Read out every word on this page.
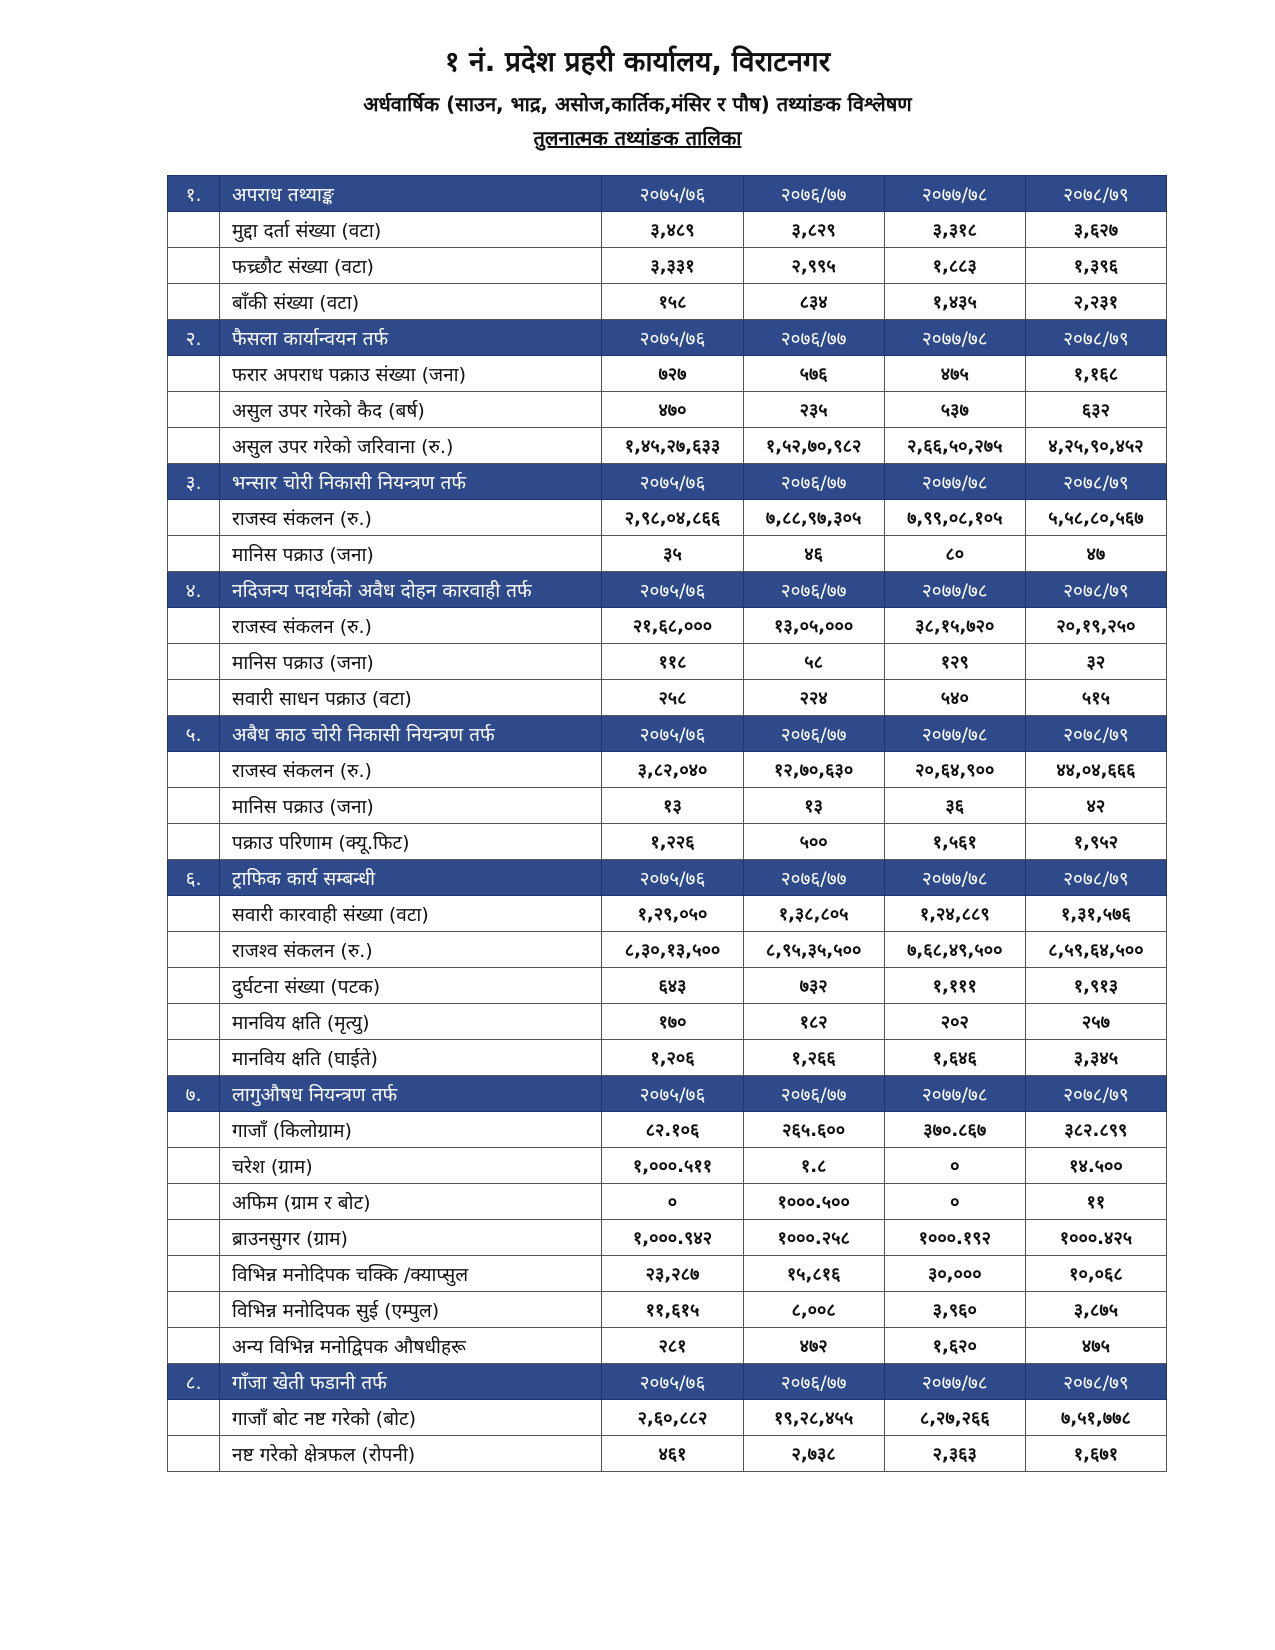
१ नं. प्रदेश प्रहरी कार्यालय, विराटनगर
अर्धवार्षिक (साउन, भाद्र, असोज,कार्तिक,मंसिर र पौष) तथ्यांङक विश्लेषण
तुलनात्मक तथ्यांङक तालिका
१.	अपराध तथ्याङ्क	२०७५/७६	२०७६/७७	२०७७/७८	२०७८/७९
	मुद्दा दर्ता संख्या (वटा)	३,४८९	३,८२९	३,३१८	३,६२७
	फच्र्छौट संख्या (वटा)	३,३३१	२,९९५	१,८८३	१,३९६
	बाँकी संख्या (वटा)	१५८	८३४	१,४३५	२,२३१
२.	फैसला कार्यान्वयन तर्फ	२०७५/७६	२०७६/७७	२०७७/७८	२०७८/७९
	फरार अपराध पक्राउ संख्या (जना)	७२७	५७६	४७५	१,१६८
	असुल उपर गरेको कैद (बर्ष)	४७०	२३५	५३७	६३२
	असुल उपर गरेको जरिवाना (रु.)	१,४५,२७,६३३	१,५२,७०,९८२	२,६६,५०,२७५	४,२५,९०,४५२
३.	भन्सार चोरी निकासी नियन्त्रण तर्फ	२०७५/७६	२०७६/७७	२०७७/७८	२०७८/७९
	राजस्व संकलन (रु.)	२,९८,०४,८६६	७,८८,९७,३०५	७,९९,०८,१०५	५,५८,८०,५६७
	मानिस पक्राउ (जना)	३५	४६	८०	४७
४.	नदिजन्य पदार्थको अवैध दोहन कारवाही तर्फ	२०७५/७६	२०७६/७७	२०७७/७८	२०७८/७९
	राजस्व संकलन (रु.)	२१,६८,०००	१३,०५,०००	३८,१५,७२०	२०,१९,२५०
	मानिस पक्राउ (जना)	११८	५८	१२९	३२
	सवारी साधन पक्राउ (वटा)	२५८	२२४	५४०	५१५
५.	अबैध काठ चोरी निकासी नियन्त्रण तर्फ	२०७५/७६	२०७६/७७	२०७७/७८	२०७८/७९
	राजस्व संकलन (रु.)	३,८२,०४०	१२,७०,६३०	२०,६४,९००	४४,०४,६६६
	मानिस पक्राउ (जना)	१३	१३	३६	४२
	पक्राउ परिणाम (क्यू.फिट)	१,२२६	५००	१,५६१	१,९५२
६.	ट्राफिक कार्य सम्बन्धी	२०७५/७६	२०७६/७७	२०७७/७८	२०७८/७९
	सवारी कारवाही संख्या (वटा)	१,२९,०५०	१,३८,८०५	१,२४,८८९	१,३१,५७६
	राजश्व संकलन (रु.)	८,३०,१३,५००	८,९५,३५,५००	७,६८,४९,५००	८,५९,६४,५००
	दुर्घटना संख्या (पटक)	६४३	७३२	१,१११	१,९१३
	मानविय क्षति (मृत्यु)	१७०	१८२	२०२	२५७
	मानविय क्षति (घाईते)	१,२०६	१,२६६	१,६४६	३,३४५
७.	लागुऔषध नियन्त्रण तर्फ	२०७५/७६	२०७६/७७	२०७७/७८	२०७८/७९
	गाजाँ (किलोग्राम)	८२.१०६	२६५.६००	३७०.८६७	३८२.८९९
	चरेश (ग्राम)	१,०००.५११	१.८	०	१४.५००
	अफिम (ग्राम र बोट)	०	१०००.५००	०	११
	ब्राउनसुगर (ग्राम)	१,०००.९४२	१०००.२५८	१०००.१९२	१०००.४२५
	विभिन्न मनोदिपक चक्कि /क्याप्सुल	२३,२८७	१५,८१६	३०,०००	१०,०६८
	विभिन्न मनोदिपक सुई (एम्पुल)	११,६१५	८,००८	३,९६०	३,८७५
	अन्य विभिन्न मनोद्विपक औषधीहरू	२८१	४७२	१,६२०	४७५
८.	गाँजा खेती फडानी तर्फ	२०७५/७६	२०७६/७७	२०७७/७८	२०७८/७९
	गाजाँ बोट नष्ट गरेको (बोट)	२,६०,८८२	१९,२८,४५५	८,२७,२६६	७,५१,७७८
	नष्ट गरेको क्षेत्रफल (रोपनी)	४६१	२,७३८	२,३६३	१,६७१
